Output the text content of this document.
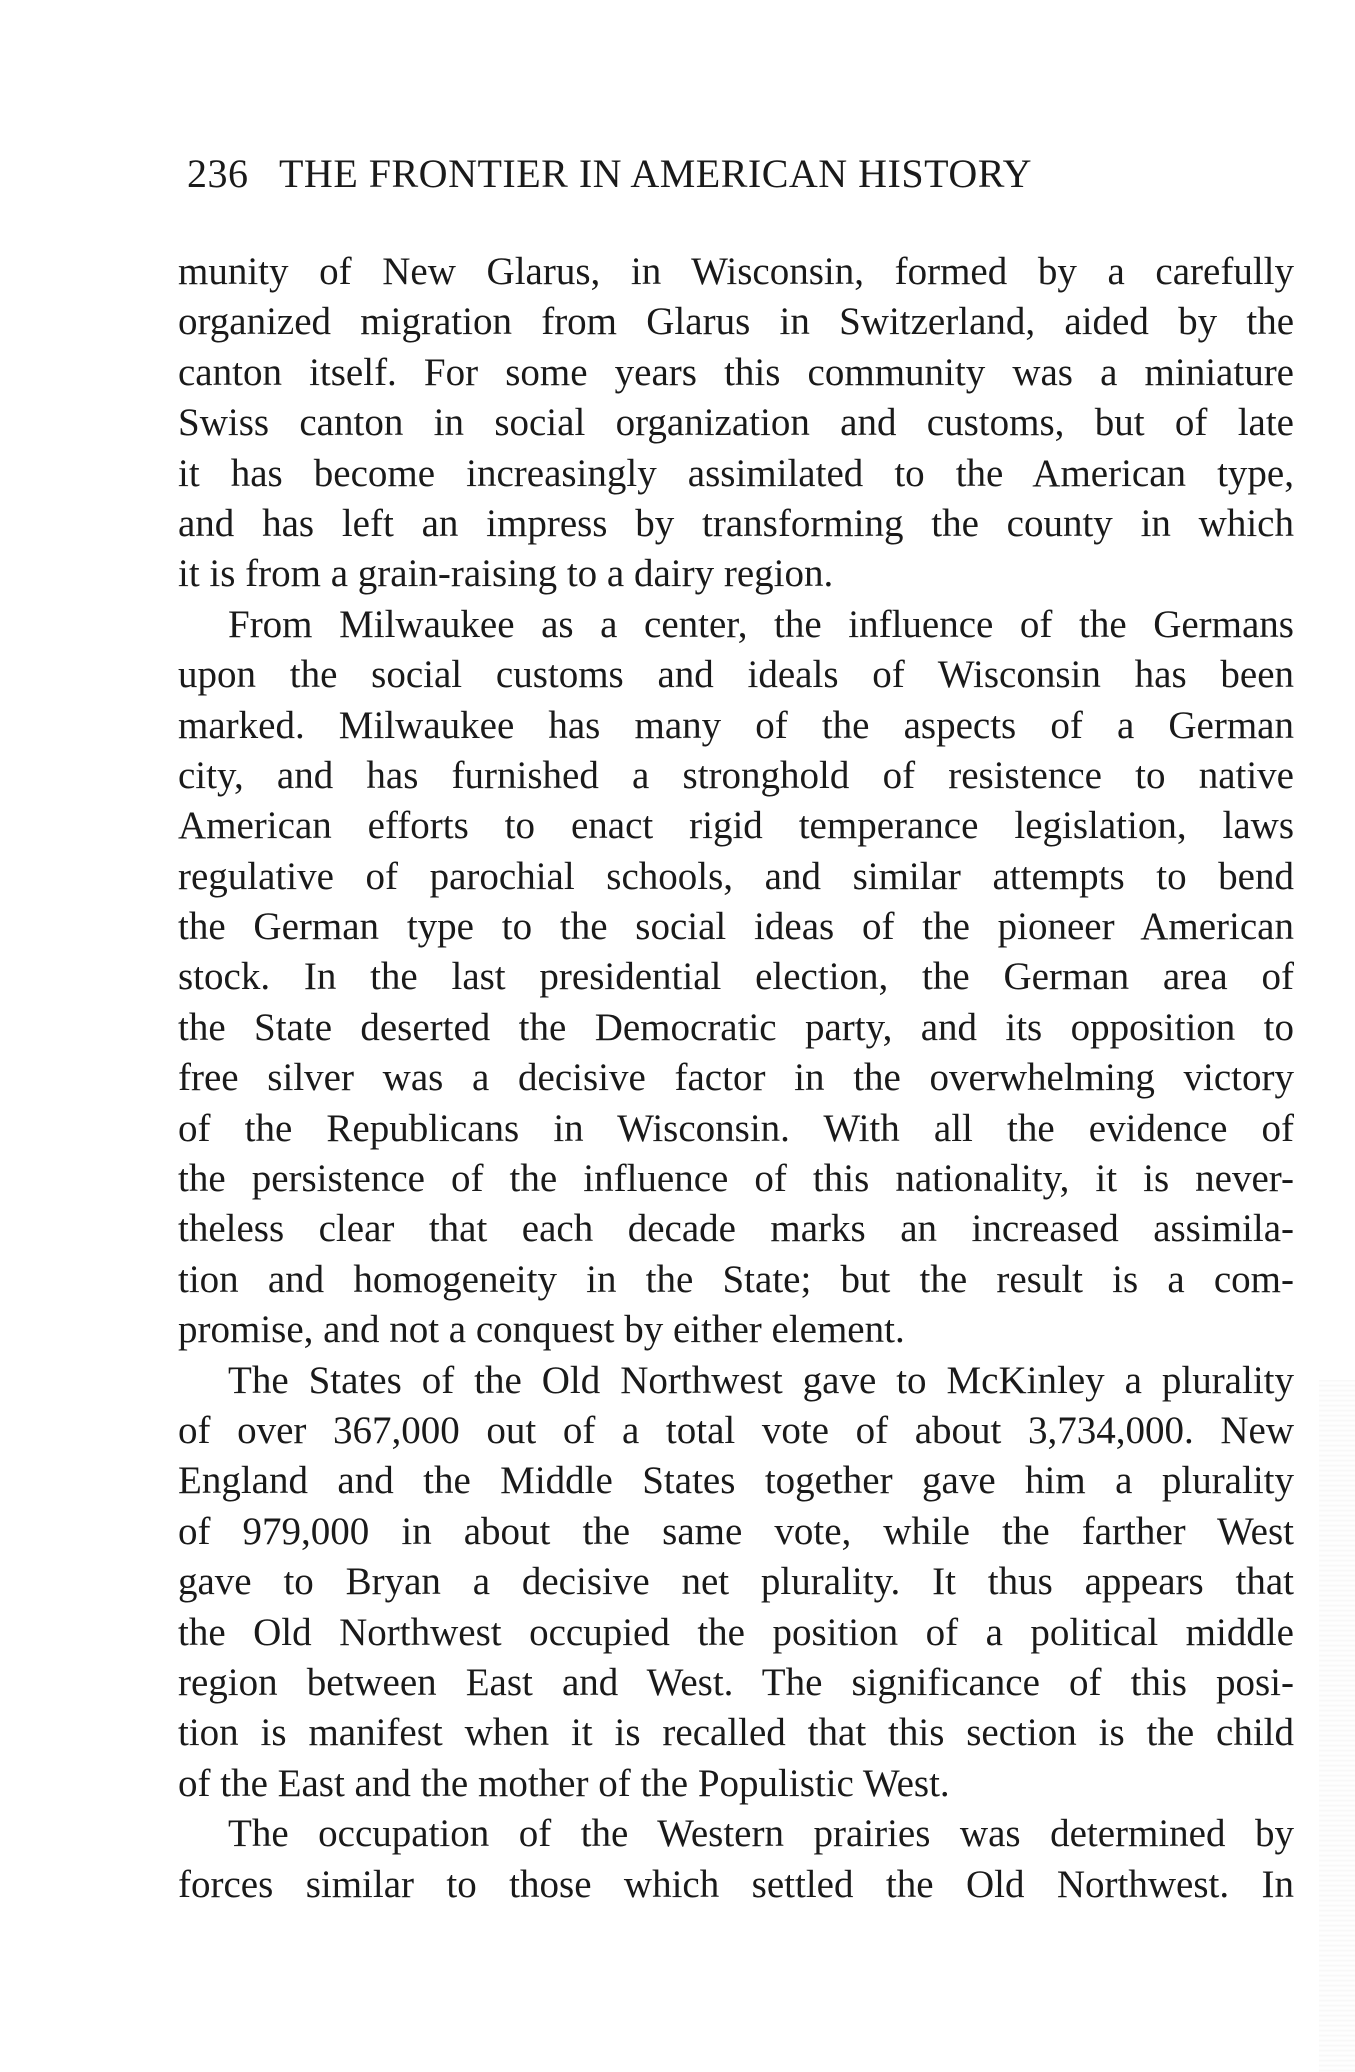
236 THE FRONTIER IN AMERICAN HISTORY
munity of New Glarus, in Wisconsin, formed by a carefully
organized migration from Glarus in Switzerland, aided by the
canton itself. For some years this community was a miniature
Swiss canton in social organization and customs, but of late
it has become increasingly assimilated to the American type,
and has left an impress by transforming the county in which
it is from a grain-raising to a dairy region.
From Milwaukee as a center, the influence of the Germans
upon the social customs and ideals of Wisconsin has been
marked. Milwaukee has many of the aspects of a German
city, and has furnished a stronghold of resistence to native
American efforts to enact rigid temperance legislation, laws
regulative of parochial schools, and similar attempts to bend
the German type to the social ideas of the pioneer American
stock. In the last presidential election, the German area of
the State deserted the Democratic party, and its opposition to
free silver was a decisive factor in the overwhelming victory
of the Republicans in Wisconsin. With all the evidence of
the persistence of the influence of this nationality, it is never-
theless clear that each decade marks an increased assimila-
tion and homogeneity in the State; but the result is a com-
promise, and not a conquest by either element.
The States of the Old Northwest gave to McKinley a plurality
of over 367,000 out of a total vote of about 3,734,000. New
England and the Middle States together gave him a plurality
of 979,000 in about the same vote, while the farther West
gave to Bryan a decisive net plurality. It thus appears that
the Old Northwest occupied the position of a political middle
region between East and West. The significance of this posi-
tion is manifest when it is recalled that this section is the child
of the East and the mother of the Populistic West.
The occupation of the Western prairies was determined by
forces similar to those which settled the Old Northwest. In
